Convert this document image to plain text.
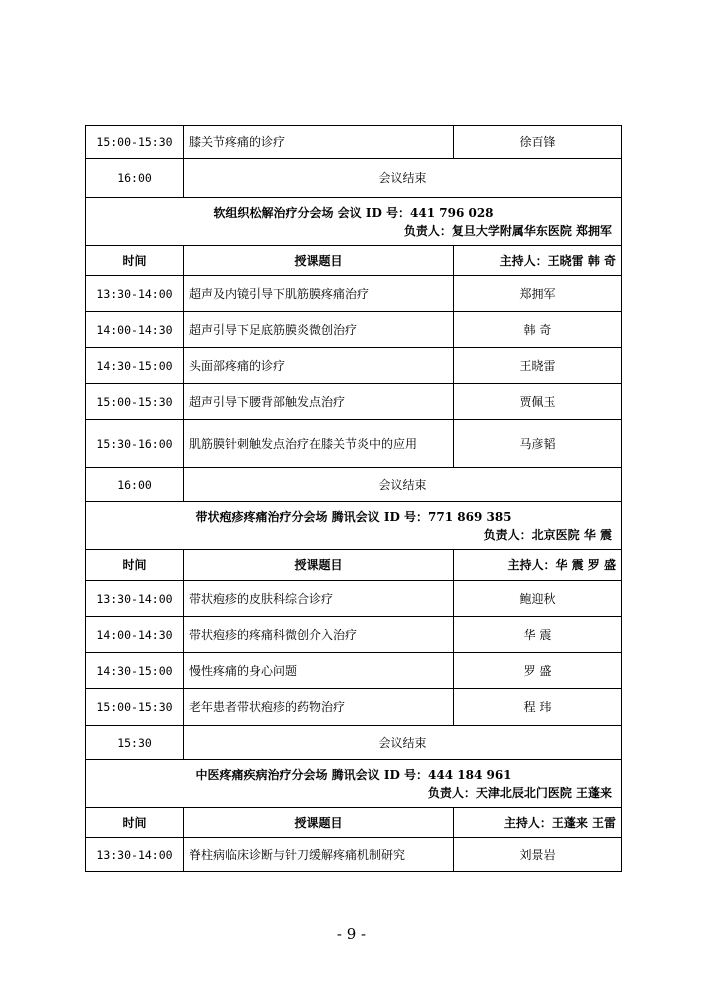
15:00-15:30	膝关节疼痛的诊疗	徐百锋
16:00	会议结束	

软组织松解治疗分会场 会议 ID 号：441 796 028
负责人：复旦大学附属华东医院 郑拥军		

时间	授课题目	主持人：王晓雷 韩 奇
13:30-14:00	超声及内镜引导下肌筋膜疼痛治疗	郑拥军
14:00-14:30	超声引导下足底筋膜炎微创治疗	韩 奇
14:30-15:00	头面部疼痛的诊疗	王晓雷
15:00-15:30	超声引导下腰背部触发点治疗	贾佩玉
15:30-16:00	肌筋膜针刺触发点治疗在膝关节炎中的应用	马彦韬
16:00	会议结束	

带状疱疹疼痛治疗分会场 腾讯会议 ID 号：771 869 385
负责人：北京医院 华 震		

时间	授课题目	主持人：华 震 罗 盛
13:30-14:00	带状疱疹的皮肤科综合诊疗	鲍迎秋
14:00-14:30	带状疱疹的疼痛科微创介入治疗	华 震
14:30-15:00	慢性疼痛的身心问题	罗 盛
15:00-15:30	老年患者带状疱疹的药物治疗	程 玮
15:30	会议结束	

中医疼痛疾病治疗分会场 腾讯会议 ID 号：444 184 961
负责人：天津北辰北门医院 王蓬来		

时间	授课题目	主持人：王蓬来 王雷
13:30-14:00	脊柱病临床诊断与针刀缓解疼痛机制研究	刘景岩
- 9 -
